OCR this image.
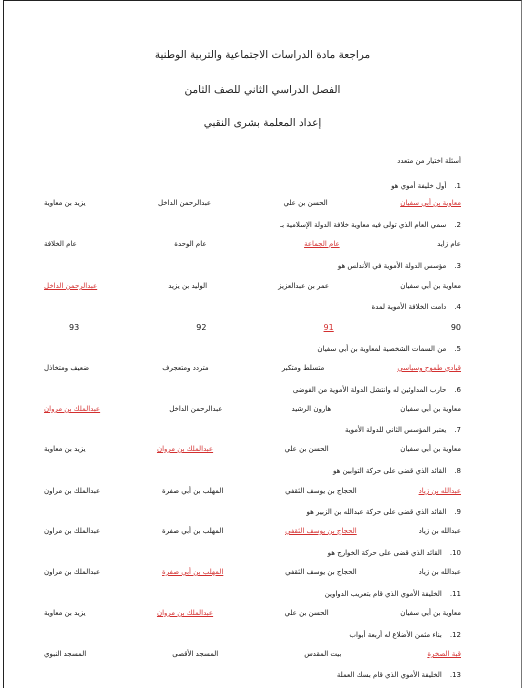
مراجعة مادة الدراسات الاجتماعية والتربية الوطنية
الفصل الدراسي الثاني للصف الثامن
إعداد المعلمة بشرى النقبي
أسئلة اختيار من متعدد
1.أول خليفة أموي هو
معاوية بن أبي سفيان
الحسن بن علي
عبدالرحمن الداخل
يزيد بن معاوية
2.سمي العام الذي تولى فيه معاوية خلافة الدولة الإسلامية بـ
عام زايد
عام الجماعة
عام الوحدة
عام الخلافة
3.مؤسس الدولة الأموية في الأندلس هو
معاوية بن أبي سفيان
عمر بن عبدالعزيز
الوليد بن يزيد
عبدالرحمن الداخل
4.دامت الخلافة الأموية لمدة
90
91
92
93
5.من السمات الشخصية لمعاوية بن أبي سفيان
قيادي طموح وسياسي
متسلط ومتكبر
متردد ومتعجرف
ضعيف ومتخاذل
6.حارب المداوئين له وانتشل الدولة الأموية من الفوضى
معاوية بن أبي سفيان
هارون الرشيد
عبدالرحمن الداخل
عبدالملك بن مروان
7.يعتبر المؤسس الثاني للدولة الأموية
معاوية بن أبي سفيان
الحسن بن علي
عبدالملك بن مروان
يزيد بن معاوية
8.القائد الذي قضى على حركة التوابين هو
عبدالله بن زياد
الحجاج بن يوسف الثقفي
المهلب بن أبي صفرة
عبدالملك بن مراون
9.القائد الذي قضى على حركة عبدالله بن الزبير هو
عبدالله بن زياد
الحجاج بن يوسف الثقفي
المهلب بن أبي صفرة
عبدالملك بن مراون
10.القائد الذي قضى على حركة الخوارج هو
عبدالله بن زياد
الحجاج بن يوسف الثقفي
المهلب بن أبي صفرة
عبدالملك بن مراون
11.الخليفة الأموي الذي قام بتعريب الدواوين
معاوية بن أبي سفيان
الحسن بن علي
عبدالملك بن مروان
يزيد بن معاوية
12.بناء مثمن الأضلاع له أربعة أبواب
قبة الصخرة
بيت المقدس
المسجد الأقصى
المسجد النبوي
13.الخليفة الأموي الذي قام بسك العملة
